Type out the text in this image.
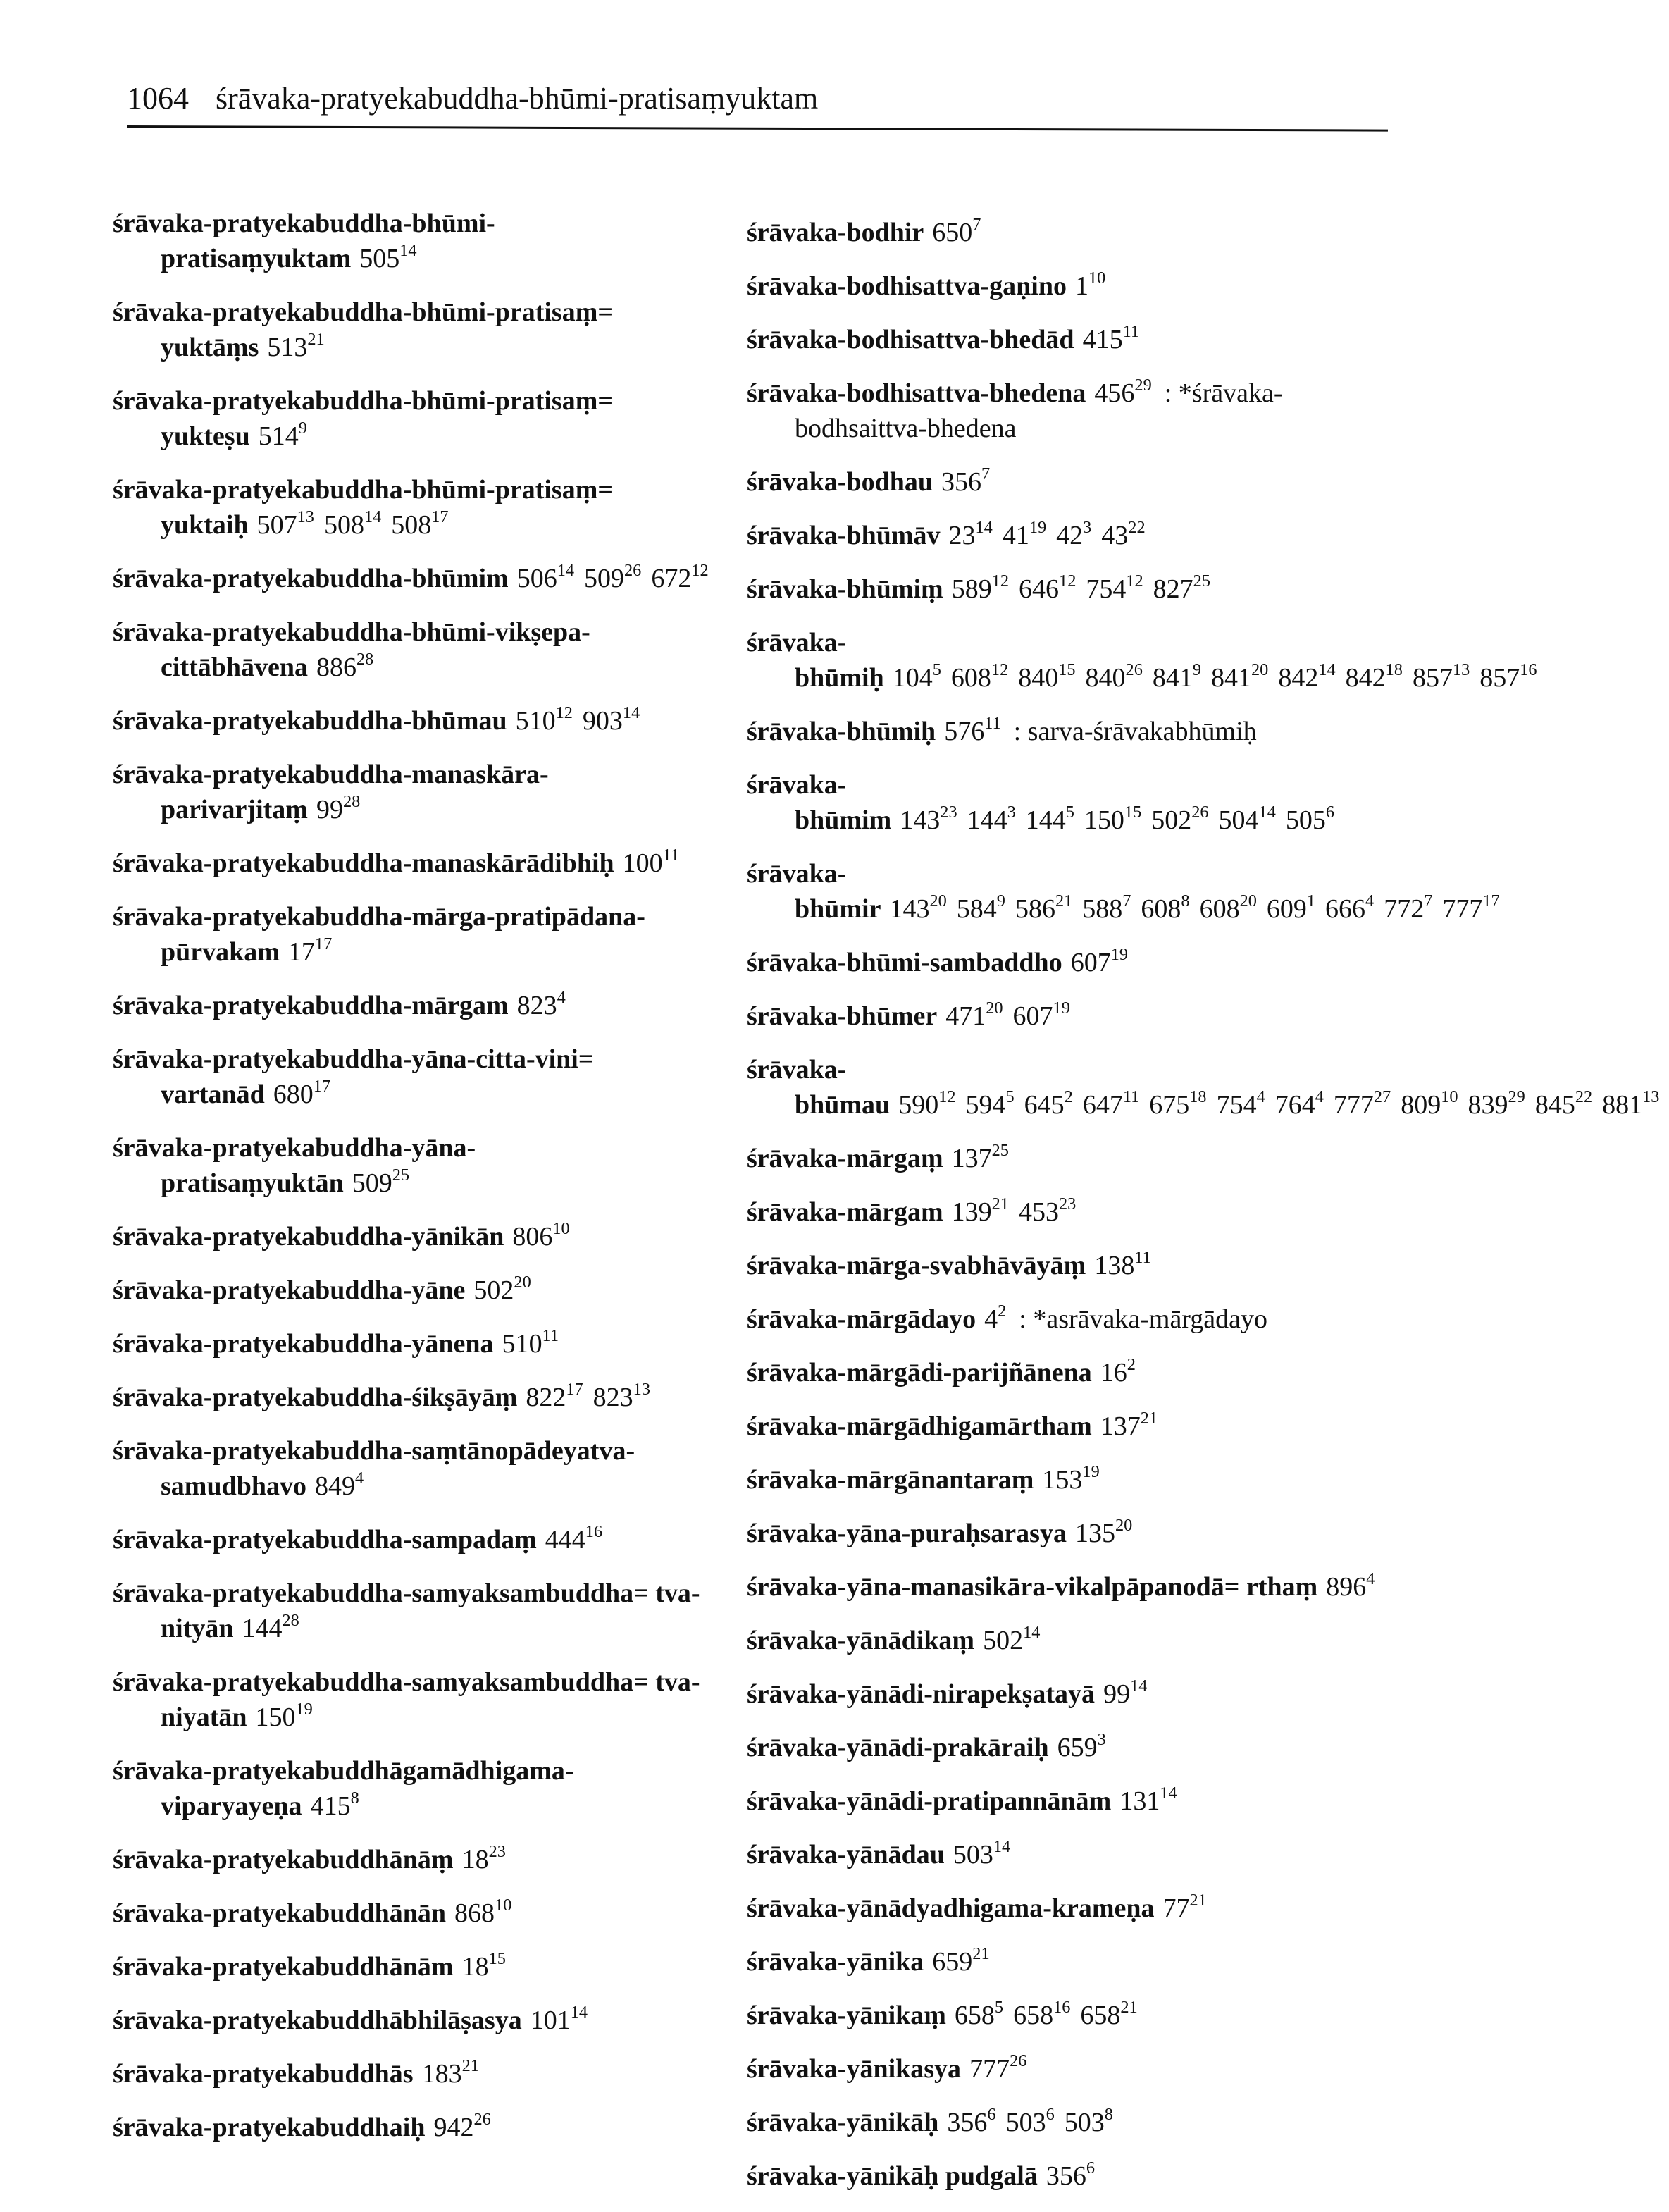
1064 śrāvaka-pratyekabuddha-bhūmi-pratisaṃyuktam
śrāvaka-pratyekabuddha-bhūmi-pratisaṃyuktam $505^{14}$
śrāvaka-pratyekabuddha-bhūmi-pratisaṃ= yuktāṃs $513^{21}$
śrāvaka-pratyekabuddha-bhūmi-pratisaṃ= yukteṣu $514^9$
śrāvaka-pratyekabuddha-bhūmi-pratisaṃ= yuktaiḥ $507^{13}$ $508^{14}$ $508^{17}$
śrāvaka-pratyekabuddha-bhūmim $506^{14}$ $509^{26}$ $672^{12}$
śrāvaka-pratyekabuddha-bhūmi-vikṣepa-cittābhāvena $886^{28}$
śrāvaka-pratyekabuddha-bhūmau $510^{12}$ $903^{14}$
śrāvaka-pratyekabuddha-manaskāra-parivarjitaṃ $99^{28}$
śrāvaka-pratyekabuddha-manaskārādibhiḥ $100^{11}$
śrāvaka-pratyekabuddha-mārga-pratipādana-pūrvakam $17^{17}$
śrāvaka-pratyekabuddha-mārgam $823^4$
śrāvaka-pratyekabuddha-yāna-citta-vini= vartanād $680^{17}$
śrāvaka-pratyekabuddha-yāna-pratisaṃyuktān $509^{25}$
śrāvaka-pratyekabuddha-yānikān $806^{10}$
śrāvaka-pratyekabuddha-yāne $502^{20}$
śrāvaka-pratyekabuddha-yānena $510^{11}$
śrāvaka-pratyekabuddha-śikṣāyāṃ $822^{17}$ $823^{13}$
śrāvaka-pratyekabuddha-saṃtānopādeyatva-samudbhavo $849^4$
śrāvaka-pratyekabuddha-sampadaṃ $444^{16}$
śrāvaka-pratyekabuddha-samyaksambuddha= tva-nityān $144^{28}$
śrāvaka-pratyekabuddha-samyaksambuddha= tva-niyatān $150^{19}$
śrāvaka-pratyekabuddhāgamādhigama-viparyayeṇa $415^8$
śrāvaka-pratyekabuddhānāṃ $18^{23}$
śrāvaka-pratyekabuddhānān $868^{10}$
śrāvaka-pratyekabuddhānām $18^{15}$
śrāvaka-pratyekabuddhābhilāṣasya $101^{14}$
śrāvaka-pratyekabuddhās $183^{21}$
śrāvaka-pratyekabuddhaiḥ $942^{26}$
śrāvaka-bodhir $650^7$
śrāvaka-bodhisattva-gaṇino $1^{10}$
śrāvaka-bodhisattva-bhedād $415^{11}$
śrāvaka-bodhisattva-bhedena $456^{29}$ : *śrāvaka-bodhsaittva-bhedena
śrāvaka-bodhau $356^7$
śrāvaka-bhūmāv $23^{14}$ $41^{19}$ $42^3$ $43^{22}$
śrāvaka-bhūmiṃ $589^{12}$ $646^{12}$ $754^{12}$ $827^{25}$
śrāvaka-bhūmiḥ $104^5$ $608^{12}$ $840^{15}$ $840^{26}$ $841^9$ $841^{20}$ $842^{14}$ $842^{18}$ $857^{13}$ $857^{16}$
śrāvaka-bhūmiḥ $576^{11}$ : sarva-śrāvakabhūmiḥ
śrāvaka-bhūmim $143^{23}$ $144^3$ $144^5$ $150^{15}$ $502^{26}$ $504^{14}$ $505^6$
śrāvaka-bhūmir $143^{20}$ $584^9$ $586^{21}$ $588^7$ $608^8$ $608^{20}$ $609^1$ $666^4$ $772^7$ $777^{17}$
śrāvaka-bhūmi-sambaddho $607^{19}$
śrāvaka-bhūmer $471^{20}$ $607^{19}$
śrāvaka-bhūmau $590^{12}$ $594^5$ $645^2$ $647^{11}$ $675^{18}$ $754^4$ $764^4$ $777^{27}$ $809^{10}$ $839^{29}$ $845^{22}$ $881^{13}$
śrāvaka-mārgaṃ $137^{25}$
śrāvaka-mārgam $139^{21}$ $453^{23}$
śrāvaka-mārga-svabhāvāyāṃ $138^{11}$
śrāvaka-mārgādayo $4^2$ : *asrāvaka-mārgādayo
śrāvaka-mārgādi-parijñānena $16^2$
śrāvaka-mārgādhigamārtham $137^{21}$
śrāvaka-mārgānantaraṃ $153^{19}$
śrāvaka-yāna-puraḥsarasya $135^{20}$
śrāvaka-yāna-manasikāra-vikalpāpanodā= rthaṃ $896^4$
śrāvaka-yānādikaṃ $502^{14}$
śrāvaka-yānādi-nirapekṣatayā $99^{14}$
śrāvaka-yānādi-prakāraiḥ $659^3$
śrāvaka-yānādi-pratipannānām $131^{14}$
śrāvaka-yānādau $503^{14}$
śrāvaka-yānādyadhigama-krameṇa $77^{21}$
śrāvaka-yānika $659^{21}$
śrāvaka-yānikaṃ $658^5$ $658^{16}$ $658^{21}$
śrāvaka-yānikasya $777^{26}$
śrāvaka-yānikāḥ $356^6$ $503^6$ $503^8$
śrāvaka-yānikāḥ pudgalā $356^6$
